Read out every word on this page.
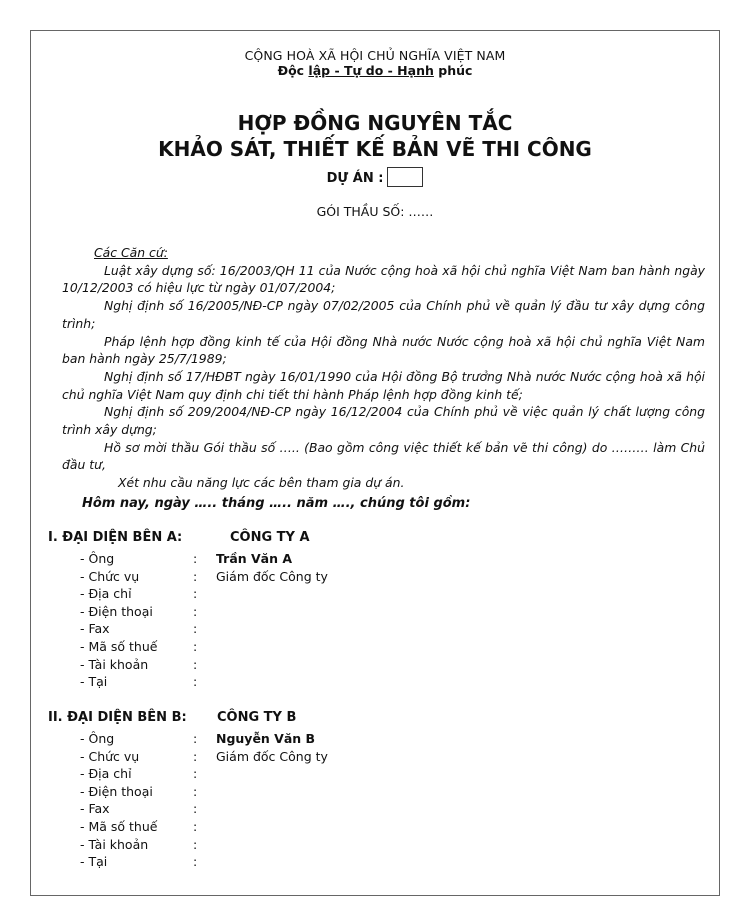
CỘNG HOÀ XÃ HỘI CHỦ NGHĨA VIỆT NAM
Độc lập - Tự do - Hạnh phúc
HỢP ĐỒNG NGUYÊN TẮC
KHẢO SÁT, THIẾT KẾ BẢN VẼ THI CÔNG
DỰ ÁN :
GÓI THẦU SỐ: ……
Các Căn cứ:

Luật xây dựng số: 16/2003/QH 11 của Nước cộng hoà xã hội chủ nghĩa Việt Nam ban hành ngày 10/12/2003 có hiệu lực từ ngày 01/07/2004;

Nghị định số 16/2005/NĐ-CP ngày 07/02/2005 của Chính phủ về quản lý đầu tư xây dựng công trình;

Pháp lệnh hợp đồng kinh tế của Hội đồng Nhà nước Nước cộng hoà xã hội chủ nghĩa Việt Nam ban hành ngày 25/7/1989;

Nghị định số 17/HĐBT ngày 16/01/1990 của Hội đồng Bộ trưởng Nhà nước Nước cộng hoà xã hội chủ nghĩa Việt Nam quy định chi tiết thi hành Pháp lệnh hợp đồng kinh tế;

Nghị định số 209/2004/NĐ-CP ngày 16/12/2004 của Chính phủ về việc quản lý chất lượng công trình xây dựng;

Hồ sơ mời thầu Gói thầu số ….. (Bao gồm công việc thiết kế bản vẽ thi công) do ……… làm Chủ đầu tư,

Xét nhu cầu năng lực các bên tham gia dự án.

Hôm nay, ngày ….. tháng ….. năm …., chúng tôi gồm:
I. ĐẠI DIỆN BÊN A:	CÔNG TY A
- Ông	: Trần Văn A
- Chức vụ	: Giám đốc Công ty
- Địa chỉ	:
- Điện thoại	:
- Fax	:
- Mã số thuế	:
- Tài khoản	:
- Tại	:
II. ĐẠI DIỆN BÊN B: CÔNG TY B
- Ông	: Nguyễn Văn B
- Chức vụ	: Giám đốc Công ty
- Địa chỉ	:
- Điện thoại	:
- Fax	:
- Mã số thuế	:
- Tài khoản	:
- Tại	:
